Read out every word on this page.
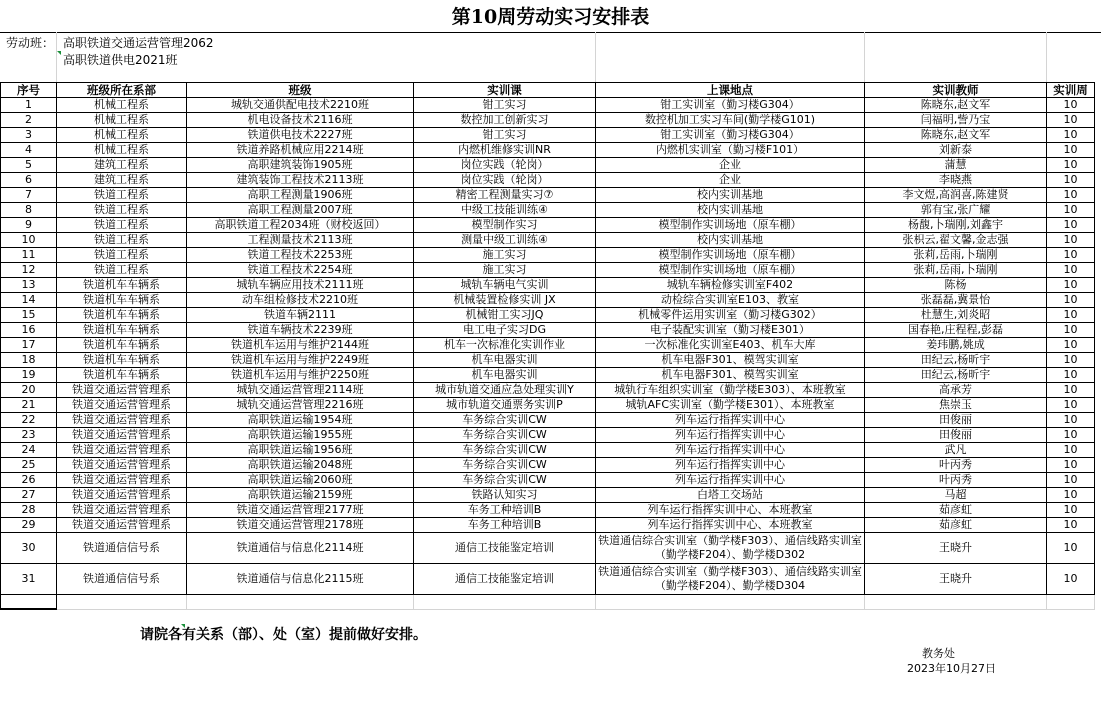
第10周劳动实习安排表
劳动班： 高职铁道交通运营管理2062
高职铁道供电2021班
序号	班级所在系部	班级	实训课	上课地点	实训教师	实训周
1	机械工程系	城轨交通供配电技术2210班	钳工实习	钳工实训室（勤习楼G304）	陈晓东,赵文军	10
2	机械工程系	机电设备技术2116班	数控加工创新实习	数控机加工实习车间(勤学楼G101)	闫福明,訾乃宝	10
3	机械工程系	铁道供电技术2227班	钳工实习	钳工实训室（勤习楼G304）	陈晓东,赵文军	10
4	机械工程系	铁道养路机械应用2214班	内燃机维修实训NR	内燃机实训室（勤习楼F101）	刘新泰	10
5	建筑工程系	高职建筑装饰1905班	岗位实践（轮岗）	企业	蒲慧	10
6	建筑工程系	建筑装饰工程技术2113班	岗位实践（轮岗）	企业	李晓燕	10
7	铁道工程系	高职工程测量1906班	精密工程测量实习⑦	校内实训基地	李文煜,高润喜,陈建贤	10
8	铁道工程系	高职工程测量2007班	中级工技能训练④	校内实训基地	郭有宝,张广耀	10
9	铁道工程系	高职铁道工程2034班（财校返回）	模型制作实习	模型制作实训场地（原车棚）	杨馥,卜瑞刚,刘鑫宇	10
10	铁道工程系	工程测量技术2113班	测量中级工训练④	校内实训基地	张枳云,翟文馨,金志强	10
11	铁道工程系	铁道工程技术2253班	施工实习	模型制作实训场地（原车棚）	张莉,岳雨,卜瑞刚	10
12	铁道工程系	铁道工程技术2254班	施工实习	模型制作实训场地（原车棚）	张莉,岳雨,卜瑞刚	10
13	铁道机车车辆系	城轨车辆应用技术2111班	城轨车辆电气实训	城轨车辆检修实训室F402	陈杨	10
14	铁道机车车辆系	动车组检修技术2210班	机械装置检修实训 JX	动检综合实训室E103、教室	张磊磊,冀景怡	10
15	铁道机车车辆系	铁道车辆2111	机械钳工实习JQ	机械零件运用实训室（勤习楼G302）	杜慧生,刘炎昭	10
16	铁道机车车辆系	铁道车辆技术2239班	电工电子实习DG	电子装配实训室（勤习楼E301）	国春艳,庄程程,彭磊	10
17	铁道机车车辆系	铁道机车运用与维护2144班	机车一次标准化实训作业	一次标准化实训室E403、机车大库	姜玮鹏,姚成	10
18	铁道机车车辆系	铁道机车运用与维护2249班	机车电器实训	机车电器F301、模驾实训室	田纪云,杨昕宇	10
19	铁道机车车辆系	铁道机车运用与维护2250班	机车电器实训	机车电器F301、模驾实训室	田纪云,杨昕宇	10
20	铁道交通运营管理系	城轨交通运营管理2114班	城市轨道交通应急处理实训Y	城轨行车组织实训室（勤学楼E303）、本班教室	高承芳	10
21	铁道交通运营管理系	城轨交通运营管理2216班	城市轨道交通票务实训P	城轨AFC实训室（勤学楼E301）、本班教室	焦崇玉	10
22	铁道交通运营管理系	高职铁道运输1954班	车务综合实训CW	列车运行指挥实训中心	田俊丽	10
23	铁道交通运营管理系	高职铁道运输1955班	车务综合实训CW	列车运行指挥实训中心	田俊丽	10
24	铁道交通运营管理系	高职铁道运输1956班	车务综合实训CW	列车运行指挥实训中心	武凡	10
25	铁道交通运营管理系	高职铁道运输2048班	车务综合实训CW	列车运行指挥实训中心	叶丙秀	10
26	铁道交通运营管理系	高职铁道运输2060班	车务综合实训CW	列车运行指挥实训中心	叶丙秀	10
27	铁道交通运营管理系	高职铁道运输2159班	铁路认知实习	白塔工交场站	马超	10
28	铁道交通运营管理系	铁道交通运营管理2177班	车务工种培训B	列车运行指挥实训中心、本班教室	茹彦虹	10
29	铁道交通运营管理系	铁道交通运营管理2178班	车务工种培训B	列车运行指挥实训中心、本班教室	茹彦虹	10
30	铁道通信信号系	铁道通信与信息化2114班	通信工技能鉴定培训	铁道通信综合实训室（勤学楼F303）、通信线路实训室（勤学楼F204）、勤学楼D302	王晓升	10
31	铁道通信信号系	铁道通信与信息化2115班	通信工技能鉴定培训	铁道通信综合实训室（勤学楼F303）、通信线路实训室（勤学楼F204）、勤学楼D304	王晓升	10

请院各有关系（部）、处（室）提前做好安排。
教务处
2023年10月27日
